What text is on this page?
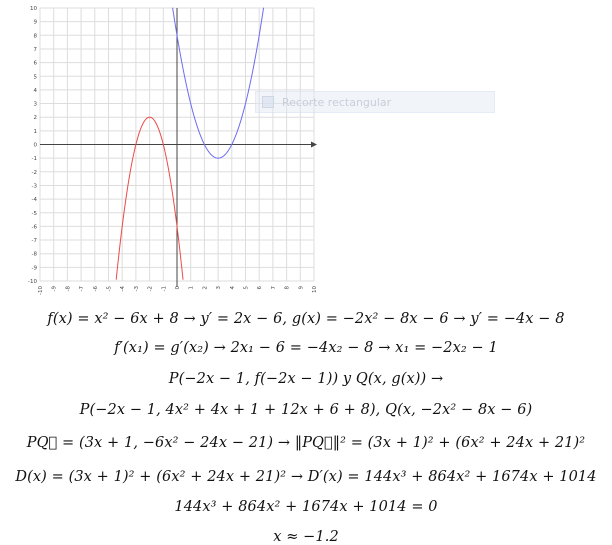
-10 -9 -8 -7 -6 -5 -4 -3 -2 -1 0 1 2 3 4 5 6 7 8 9 10
10
9
8
7
6
5
4
3
2
1
0
-1
-2
-3
-4
-5
-6
-7
-8
-9
-10
Recorte rectangular
f(x) = x² − 6x + 8 → y′ = 2x − 6, g(x) = −2x² − 8x − 6 → y′ = −4x − 8
f′(x₁) = g′(x₂) → 2x₁ − 6 = −4x₂ − 8 → x₁ = −2x₂ − 1
P(−2x − 1, f(−2x − 1)) y Q(x, g(x)) →
P(−2x − 1, 4x² + 4x + 1 + 12x + 6 + 8), Q(x, −2x² − 8x − 6)
PQ⃗ = (3x + 1, −6x² − 24x − 21) → ‖PQ⃗‖² = (3x + 1)² + (6x² + 24x + 21)²
D(x) = (3x + 1)² + (6x² + 24x + 21)² → D′(x) = 144x³ + 864x² + 1674x + 1014
144x³ + 864x² + 1674x + 1014 = 0
x ≈ −1.2
